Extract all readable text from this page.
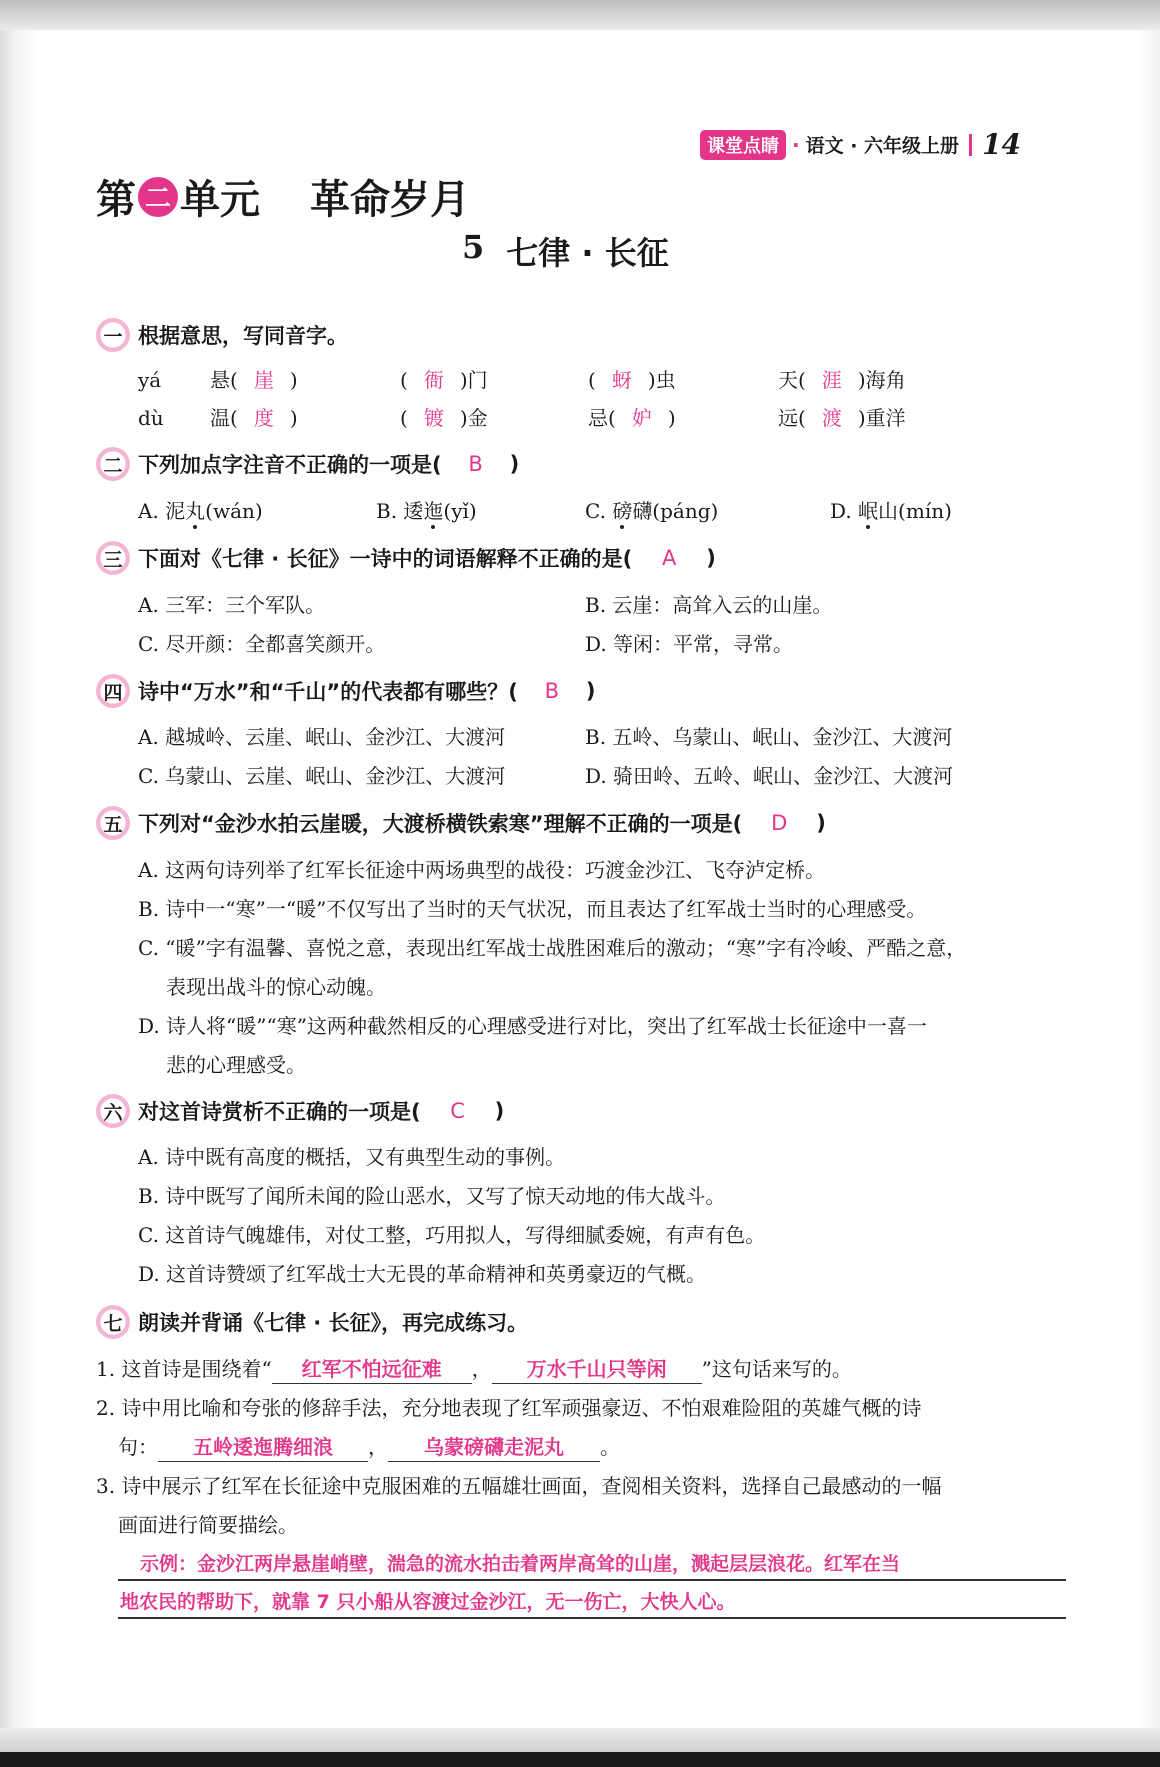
课堂点睛 · 语文 · 六年级上册 14
第 二 单元 革命岁月
5 七律 · 长征
一 根据意思，写同音字。
yá 悬( 崖 )	( 衙 )门	( 蚜 )虫	天( 涯 )海角
dù 温( 度 )	( 镀 )金	忌( 妒 )	远( 渡 )重洋
二 下列加点字注音不正确的一项是(	B	)
A. 泥丸(wán)	B. 逶迤(yǐ)	C. 磅礴(páng)	D. 岷山(mín)
三 下面对《七律 · 长征》一诗中的词语解释不正确的是(	A	)
A. 三军：三个军队。	B. 云崖：高耸入云的山崖。
C. 尽开颜：全都喜笑颜开。	D. 等闲：平常，寻常。
四 诗中“万水”和“千山”的代表都有哪些？(	B	)
A. 越城岭、云崖、岷山、金沙江、大渡河	B. 五岭、乌蒙山、岷山、金沙江、大渡河
C. 乌蒙山、云崖、岷山、金沙江、大渡河	D. 骑田岭、五岭、岷山、金沙江、大渡河
五 下列对“金沙水拍云崖暖，大渡桥横铁索寒”理解不正确的一项是(	D	)
A. 这两句诗列举了红军长征途中两场典型的战役：巧渡金沙江、飞夺泸定桥。
B. 诗中一“寒”一“暖”不仅写出了当时的天气状况，而且表达了红军战士当时的心理感受。
C. “暖”字有温馨、喜悦之意，表现出红军战士战胜困难后的激动；“寒”字有冷峻、严酷之意，
表现出战斗的惊心动魄。
D. 诗人将“暖”“寒”这两种截然相反的心理感受进行对比，突出了红军战士长征途中一喜一
悲的心理感受。
六 对这首诗赏析不正确的一项是(	C	)
A. 诗中既有高度的概括，又有典型生动的事例。
B. 诗中既写了闻所未闻的险山恶水，又写了惊天动地的伟大战斗。
C. 这首诗气魄雄伟，对仗工整，巧用拟人，写得细腻委婉，有声有色。
D. 这首诗赞颂了红军战士大无畏的革命精神和英勇豪迈的气概。
七 朗读并背诵《七律 · 长征》，再完成练习。
1. 这首诗是围绕着“ 红军不怕远征难 ， 万水千山只等闲 ”这句话来写的。
2. 诗中用比喻和夸张的修辞手法，充分地表现了红军顽强豪迈、不怕艰难险阻的英雄气概的诗
句： 五岭逶迤腾细浪 ， 乌蒙磅礴走泥丸 。
3. 诗中展示了红军在长征途中克服困难的五幅雄壮画面，查阅相关资料，选择自己最感动的一幅
画面进行简要描绘。
示例：金沙江两岸悬崖峭壁，湍急的流水拍击着两岸高耸的山崖，溅起层层浪花。红军在当
地农民的帮助下，就靠 7 只小船从容渡过金沙江，无一伤亡，大快人心。
